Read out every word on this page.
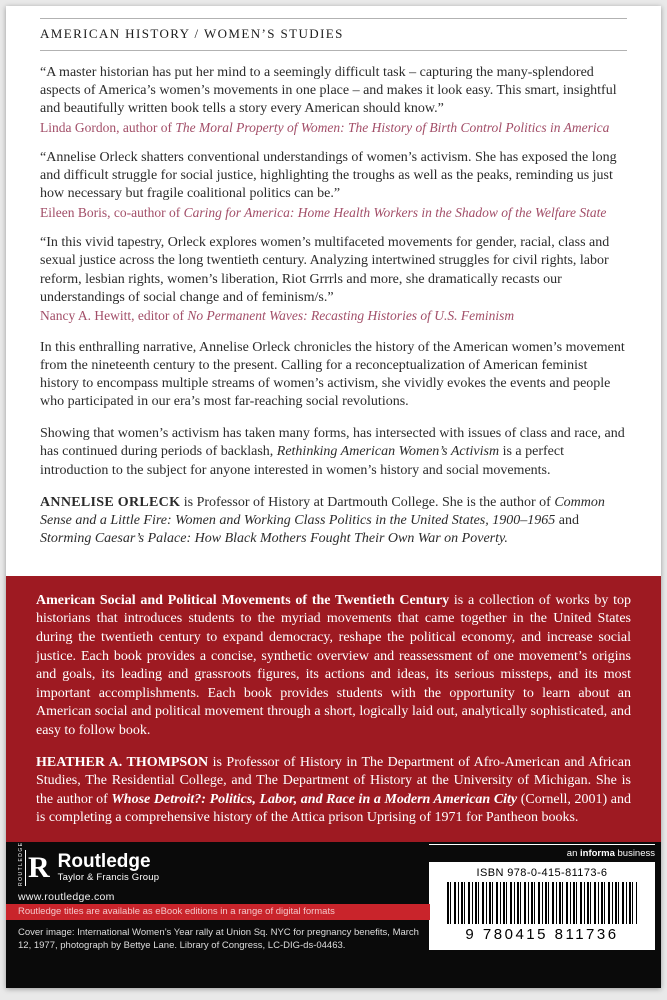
AMERICAN HISTORY / WOMEN’S STUDIES
“A master historian has put her mind to a seemingly difficult task – capturing the many-splendored aspects of America’s women’s movements in one place – and makes it look easy. This smart, insightful and beautifully written book tells a story every American should know.”
Linda Gordon, author of The Moral Property of Women: The History of Birth Control Politics in America
“Annelise Orleck shatters conventional understandings of women’s activism. She has exposed the long and difficult struggle for social justice, highlighting the troughs as well as the peaks, reminding us just how necessary but fragile coalitional politics can be.”
Eileen Boris, co-author of Caring for America: Home Health Workers in the Shadow of the Welfare State
“In this vivid tapestry, Orleck explores women’s multifaceted movements for gender, racial, class and sexual justice across the long twentieth century. Analyzing intertwined struggles for civil rights, labor reform, lesbian rights, women’s liberation, Riot Grrrls and more, she dramatically recasts our understandings of social change and of feminism/s.”
Nancy A. Hewitt, editor of No Permanent Waves: Recasting Histories of U.S. Feminism
In this enthralling narrative, Annelise Orleck chronicles the history of the American women’s movement from the nineteenth century to the present. Calling for a reconceptualization of American feminist history to encompass multiple streams of women’s activism, she vividly evokes the events and people who participated in our era’s most far-reaching social revolutions.
Showing that women’s activism has taken many forms, has intersected with issues of class and race, and has continued during periods of backlash, Rethinking American Women’s Activism is a perfect introduction to the subject for anyone interested in women’s history and social movements.
ANNELISE ORLECK is Professor of History at Dartmouth College. She is the author of Common Sense and a Little Fire: Women and Working Class Politics in the United States, 1900–1965 and Storming Caesar’s Palace: How Black Mothers Fought Their Own War on Poverty.
American Social and Political Movements of the Twentieth Century is a collection of works by top historians that introduces students to the myriad movements that came together in the United States during the twentieth century to expand democracy, reshape the political economy, and increase social justice. Each book provides a concise, synthetic overview and reassessment of one movement’s origins and goals, its leading and grassroots figures, its actions and ideas, its serious missteps, and its most important accomplishments. Each book provides students with the opportunity to learn about an American social and political movement through a short, logically laid out, analytically sophisticated, and easy to follow book.
HEATHER A. THOMPSON is Professor of History in The Department of Afro-American and African Studies, The Residential College, and The Department of History at the University of Michigan. She is the author of Whose Detroit?: Politics, Labor, and Race in a Modern American City (Cornell, 2001) and is completing a comprehensive history of the Attica prison Uprising of 1971 for Pantheon books.
ROUTLEDGE R Routledge
Taylor & Francis Group
www.routledge.com
an informa business
ISBN 978-0-415-81173-6
9 780415 811736
Routledge titles are available as eBook editions in a range of digital formats
Cover image: International Women’s Year rally at Union Sq. NYC for pregnancy benefits, March 12, 1977, photograph by Bettye Lane. Library of Congress, LC-DIG-ds-04463.
